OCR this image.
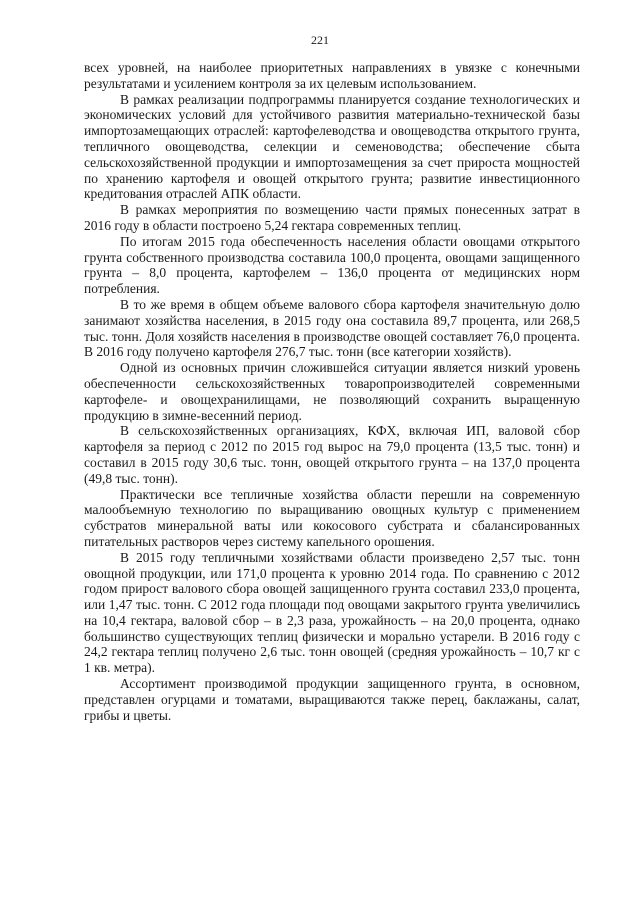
221

всех уровней, на наиболее приоритетных направлениях в увязке с конечными результатами и усилением контроля за их целевым использованием.

В рамках реализации подпрограммы планируется создание технологических и экономических условий для устойчивого развития материально-технической базы импортозамещающих отраслей: картофелеводства и овощеводства открытого грунта, тепличного овощеводства, селекции и семеноводства; обеспечение сбыта сельскохозяйственной продукции и импортозамещения за счет прироста мощностей по хранению картофеля и овощей открытого грунта; развитие инвестиционного кредитования отраслей АПК области.

В рамках мероприятия по возмещению части прямых понесенных затрат в 2016 году в области построено 5,24 гектара современных теплиц.

По итогам 2015 года обеспеченность населения области овощами открытого грунта собственного производства составила 100,0 процента, овощами защищенного грунта – 8,0 процента, картофелем – 136,0 процента от медицинских норм потребления.

В то же время в общем объеме валового сбора картофеля значительную долю занимают хозяйства населения, в 2015 году она составила 89,7 процента, или 268,5 тыс. тонн. Доля хозяйств населения в производстве овощей составляет 76,0 процента. В 2016 году получено картофеля 276,7 тыс. тонн (все категории хозяйств).

Одной из основных причин сложившейся ситуации является низкий уровень обеспеченности сельскохозяйственных товаропроизводителей современными картофеле- и овощехранилищами, не позволяющий сохранить выращенную продукцию в зимне-весенний период.

В сельскохозяйственных организациях, КФХ, включая ИП, валовой сбор картофеля за период с 2012 по 2015 год вырос на 79,0 процента (13,5 тыс. тонн) и составил в 2015 году 30,6 тыс. тонн, овощей открытого грунта – на 137,0 процента (49,8 тыс. тонн).

Практически все тепличные хозяйства области перешли на современную малообъемную технологию по выращиванию овощных культур с применением субстратов минеральной ваты или кокосового субстрата и сбалансированных питательных растворов через систему капельного орошения.

В 2015 году тепличными хозяйствами области произведено 2,57 тыс. тонн овощной продукции, или 171,0 процента к уровню 2014 года. По сравнению с 2012 годом прирост валового сбора овощей защищенного грунта составил 233,0 процента, или 1,47 тыс. тонн. С 2012 года площади под овощами закрытого грунта увеличились на 10,4 гектара, валовой сбор – в 2,3 раза, урожайность – на 20,0 процента, однако большинство существующих теплиц физически и морально устарели. В 2016 году с 24,2 гектара теплиц получено 2,6 тыс. тонн овощей (средняя урожайность – 10,7 кг с 1 кв. метра).

Ассортимент производимой продукции защищенного грунта, в основном, представлен огурцами и томатами, выращиваются также перец, баклажаны, салат, грибы и цветы.
